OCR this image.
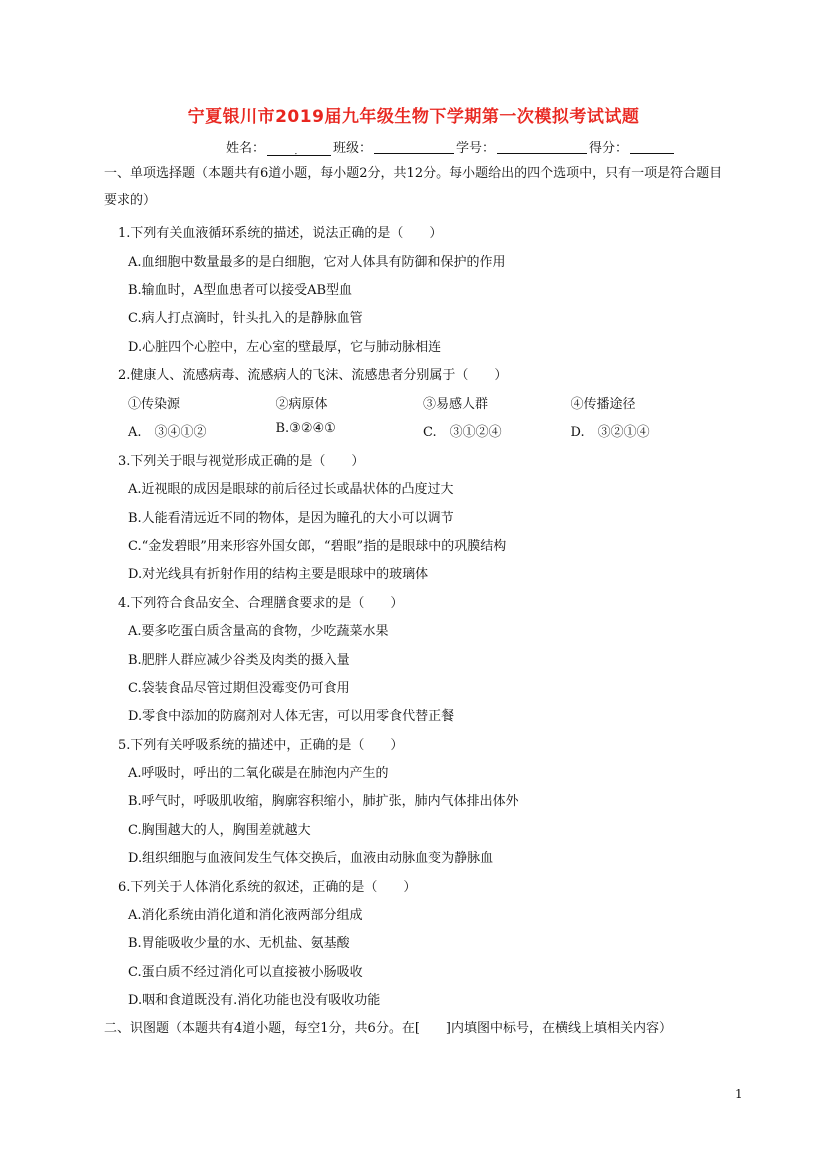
宁夏银川市2019届九年级生物下学期第一次模拟考试试题
姓名：	． 班级：	学号：	得分：
一、单项选择题（本题共有6道小题，每小题2分，共12分。每小题给出的四个选项中，只有一项是符合题目要求的）
1.下列有关血液循环系统的描述，说法正确的是（　　）
A.血细胞中数量最多的是白细胞，它对人体具有防御和保护的作用
B.输血时，A型血患者可以接受AB型血
C.病人打点滴时，针头扎入的是静脉血管
D.心脏四个心腔中，左心室的壁最厚，它与肺动脉相连
2.健康人、流感病毒、流感病人的飞沫、流感患者分别属于（　　）
①传染源	②病原体	③易感人群	④传播途径
A.　③④①②	B.③②④①	C.　③①②④	D.　③②①④
3.下列关于眼与视觉形成正确的是（　　）
A.近视眼的成因是眼球的前后径过长或晶状体的凸度过大
B.人能看清远近不同的物体，是因为瞳孔的大小可以调节
C.“金发碧眼”用来形容外国女郎，“碧眼”指的是眼球中的巩膜结构
D.对光线具有折射作用的结构主要是眼球中的玻璃体
4.下列符合食品安全、合理膳食要求的是（　　）
A.要多吃蛋白质含量高的食物，少吃蔬菜水果
B.肥胖人群应减少谷类及肉类的摄入量
C.袋装食品尽管过期但没霉变仍可食用
D.零食中添加的防腐剂对人体无害，可以用零食代替正餐
5.下列有关呼吸系统的描述中，正确的是（　　）
A.呼吸时，呼出的二氧化碳是在肺泡内产生的
B.呼气时，呼吸肌收缩，胸廓容积缩小，肺扩张，肺内气体排出体外
C.胸围越大的人，胸围差就越大
D.组织细胞与血液间发生气体交换后，血液由动脉血变为静脉血
6.下列关于人体消化系统的叙述，正确的是（　　）
A.消化系统由消化道和消化液两部分组成
B.胃能吸收少量的水、无机盐、氨基酸
C.蛋白质不经过消化可以直接被小肠吸收
D.咽和食道既没有.消化功能也没有吸收功能
二、识图题（本题共有4道小题，每空1分，共6分。在[　　]内填图中标号，在横线上填相关内容）
1
